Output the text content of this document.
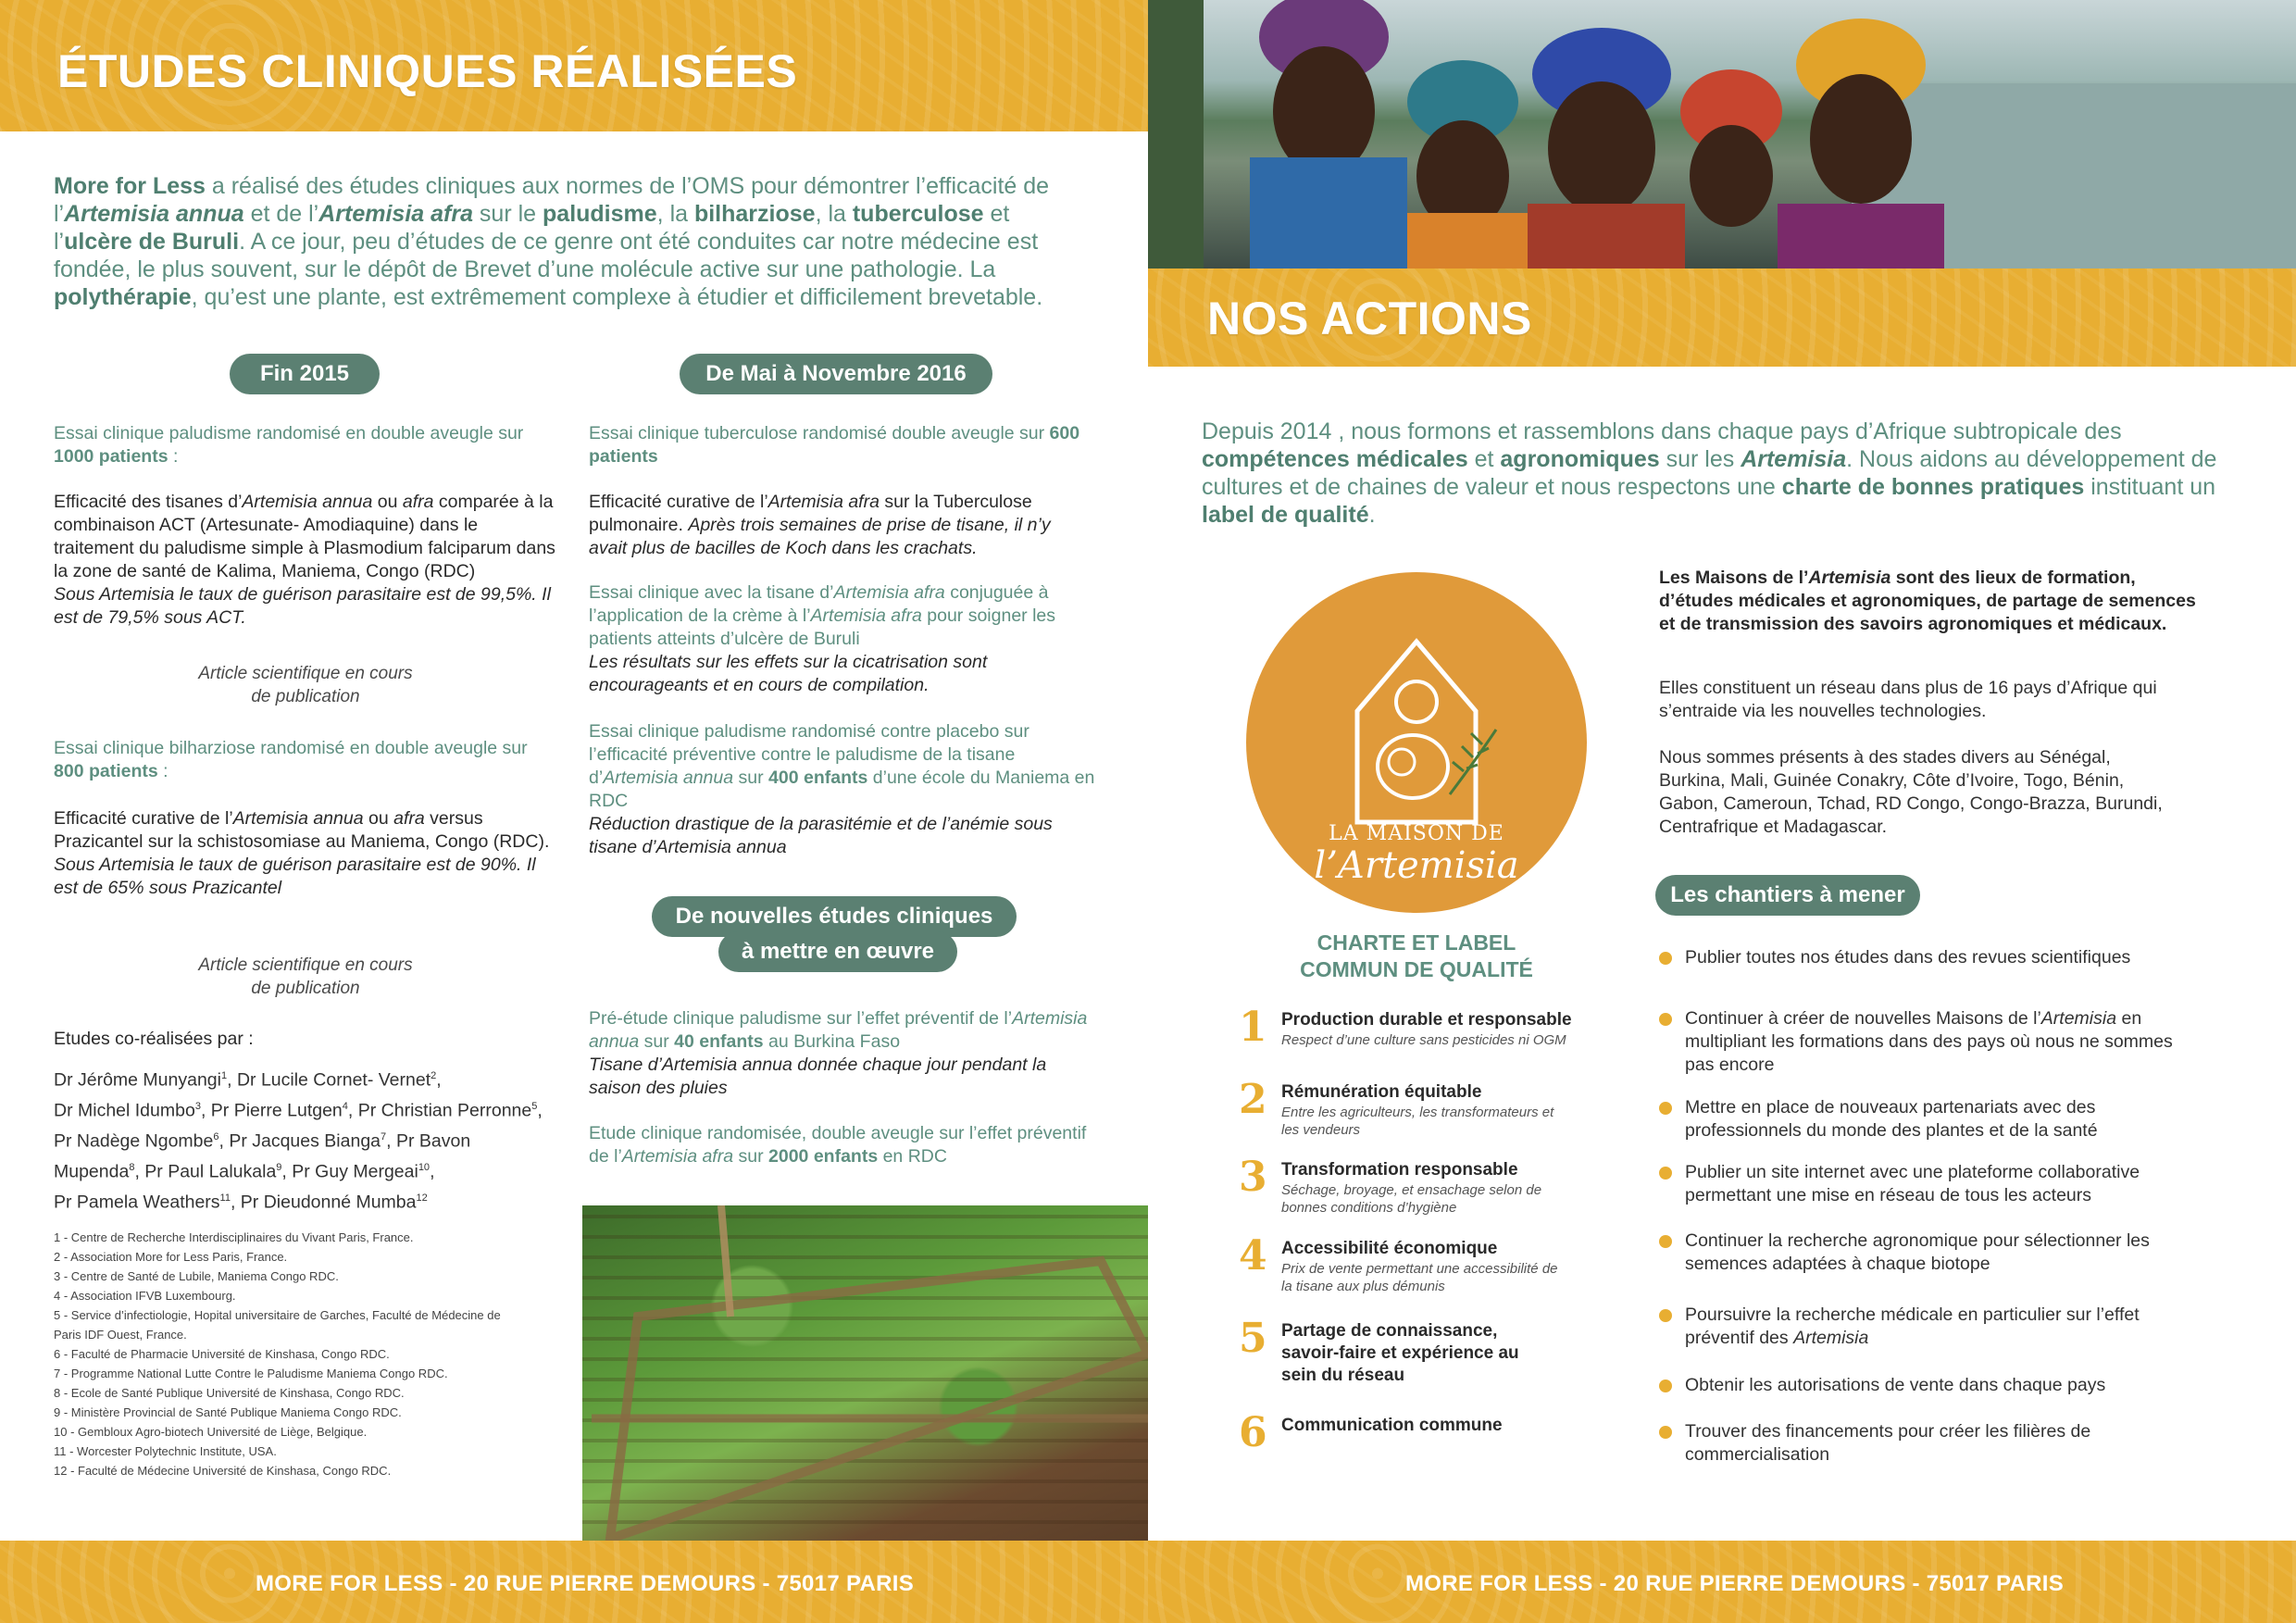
ÉTUDES CLINIQUES RÉALISÉES
More for Less a réalisé des études cliniques aux normes de l’OMS pour démontrer l’efficacité de l’Artemisia annua et de l’Artemisia afra sur le paludisme, la bilharziose, la tuberculose et l’ulcère de Buruli. A ce jour, peu d’études de ce genre ont été conduites car notre médecine est fondée, le plus souvent, sur le dépôt de Brevet d’une molécule active sur une pathologie. La polythérapie, qu’est une plante, est extrêmement complexe à étudier et difficilement brevetable.
Fin 2015
Essai clinique paludisme randomisé en double aveugle sur 1000 patients :
Efficacité des tisanes d’Artemisia annua ou afra comparée à la combinaison ACT (Artesunate- Amodiaquine) dans le traitement du paludisme simple à Plasmodium falciparum dans la zone de santé de Kalima, Maniema, Congo (RDC)
Sous Artemisia le taux de guérison parasitaire est de 99,5%. Il est de 79,5% sous ACT.
Article scientifique en cours
de publication
Essai clinique bilharziose randomisé en double aveugle sur 800 patients :
Efficacité curative de l’Artemisia annua ou afra versus Prazicantel sur la schistosomiase au Maniema, Congo (RDC).
Sous Artemisia le taux de guérison parasitaire est de 90%. Il est de 65% sous Prazicantel
Article scientifique en cours
de publication
Etudes co-réalisées par :
Dr Jérôme Munyangi$^1$, Dr Lucile Cornet- Vernet$^2$,
Dr Michel Idumbo$^3$, Pr Pierre Lutgen$^4$, Pr Christian Perronne$^5$,
Pr Nadège Ngombe$^6$, Pr Jacques Bianga$^7$, Pr Bavon
Mupenda$^8$, Pr Paul Lalukala$^9$, Pr Guy Mergeai$^{10}$,
Pr Pamela Weathers$^{11}$, Pr Dieudonné Mumba$^{12}$
1 - Centre de Recherche Interdisciplinaires du Vivant Paris, France.
2 - Association More for Less Paris, France.
3 - Centre de Santé de Lubile, Maniema Congo RDC.
4 - Association IFVB Luxembourg.
5 - Service d’infectiologie, Hopital universitaire de Garches, Faculté de Médecine de
Paris IDF Ouest, France.
6 - Faculté de Pharmacie Université de Kinshasa, Congo RDC.
7 - Programme National Lutte Contre le Paludisme Maniema Congo RDC.
8 - Ecole de Santé Publique Université de Kinshasa, Congo RDC.
9 - Ministère Provincial de Santé Publique Maniema Congo RDC.
10 - Gembloux Agro-biotech Université de Liège, Belgique.
11 - Worcester Polytechnic Institute, USA.
12 - Faculté de Médecine Université de Kinshasa, Congo RDC.
De Mai à Novembre 2016
Essai clinique tuberculose randomisé double aveugle sur 600 patients
Efficacité curative de l’Artemisia afra sur la Tuberculose pulmonaire. Après trois semaines de prise de tisane, il n’y avait plus de bacilles de Koch dans les crachats.
Essai clinique avec la tisane d’Artemisia afra conjuguée à l’application de la crème à l’Artemisia afra pour soigner les patients atteints d’ulcère de Buruli
Les résultats sur les effets sur la cicatrisation sont encourageants et en cours de compilation.
Essai clinique paludisme randomisé contre placebo sur l’efficacité préventive contre le paludisme de la tisane d’Artemisia annua sur 400 enfants d’une école du Maniema en RDC
Réduction drastique de la parasitémie et de l’anémie sous tisane d’Artemisia annua
De nouvelles études cliniques
à mettre en œuvre
Pré-étude clinique paludisme sur l’effet préventif de l’Artemisia annua sur 40 enfants au Burkina Faso
Tisane d’Artemisia annua donnée chaque jour pendant la saison des pluies
Etude clinique randomisée, double aveugle sur l’effet préventif de l’Artemisia afra sur 2000 enfants en RDC
MORE FOR LESS - 20 RUE PIERRE DEMOURS - 75017 PARIS
NOS ACTIONS
Depuis 2014 , nous formons et rassemblons dans chaque pays d’Afrique subtropicale des compétences médicales et agronomiques sur les Artemisia. Nous aidons au développement de cultures et de chaines de valeur et nous respectons une charte de bonnes pratiques instituant un label de qualité.
LA MAISON DE
l’Artemisia
CHARTE ET LABEL
COMMUN DE QUALITÉ
1 Production durable et responsable
Respect d’une culture sans pesticides ni OGM
2 Rémunération équitable
Entre les agriculteurs, les transformateurs et les vendeurs
3 Transformation responsable
Séchage, broyage, et ensachage selon de bonnes conditions d’hygiène
4 Accessibilité économique
Prix de vente permettant une accessibilité de la tisane aux plus démunis
5 Partage de connaissance, savoir-faire et expérience au sein du réseau
6 Communication commune
Les Maisons de l’Artemisia sont des lieux de formation, d’études médicales et agronomiques, de partage de semences et de transmission des savoirs agronomiques et médicaux.
Elles constituent un réseau dans plus de 16 pays d’Afrique qui s’entraide via les nouvelles technologies.
Nous sommes présents à des stades divers au Sénégal, Burkina, Mali, Guinée Conakry, Côte d’Ivoire, Togo, Bénin, Gabon, Cameroun, Tchad, RD Congo, Congo-Brazza, Burundi, Centrafrique et Madagascar.
Les chantiers à mener
Publier toutes nos études dans des revues scientifiques
Continuer à créer de nouvelles Maisons de l’Artemisia en multipliant les formations dans des pays où nous ne sommes pas encore
Mettre en place de nouveaux partenariats avec des professionnels du monde des plantes et de la santé
Publier un site internet avec une plateforme collaborative permettant une mise en réseau de tous les acteurs
Continuer la recherche agronomique pour sélectionner les semences adaptées à chaque biotope
Poursuivre la recherche médicale en particulier sur l’effet préventif des Artemisia
Obtenir les autorisations de vente dans chaque pays
Trouver des financements pour créer les filières de commercialisation
MORE FOR LESS - 20 RUE PIERRE DEMOURS - 75017 PARIS
